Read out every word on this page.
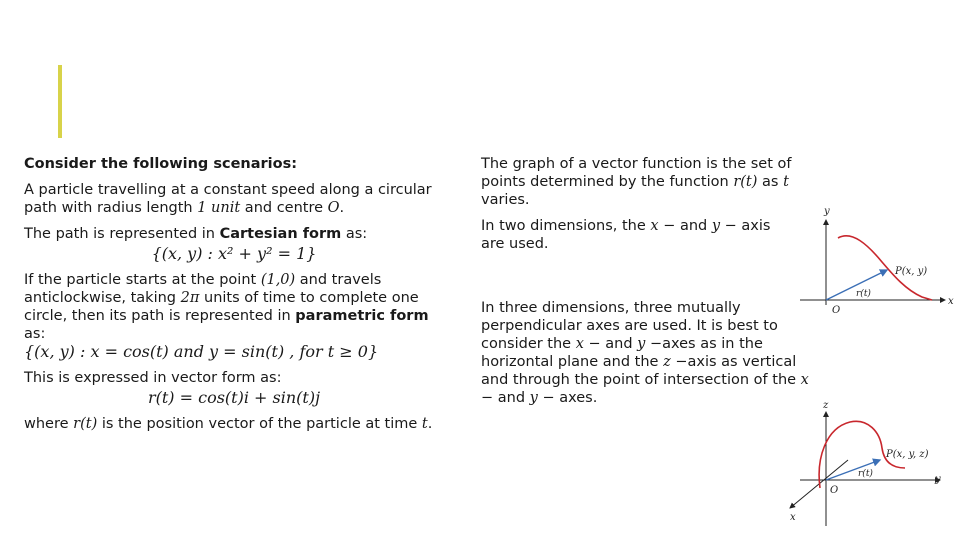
Consider the following scenarios:

A particle travelling at a constant speed along a circular path with radius length 1 unit and centre O.

The path is represented in Cartesian form as:

{(x, y) : x² + y² = 1}

If the particle starts at the point (1,0) and travels anticlockwise, taking 2π units of time to complete one circle, then its path is represented in parametric form as:

{(x, y) : x = cos(t) and y = sin(t) , for t ≥ 0}

This is expressed in vector form as:

r(t) = cos(t)i + sin(t)j

where r(t) is the position vector of the particle at time t.

The graph of a vector function is the set of points determined by the function r(t) as t varies.

In two dimensions, the x − and y − axis are used.

In three dimensions, three mutually perpendicular axes are used. It is best to consider the x − and y −axes as in the horizontal plane and the z −axis as vertical and through the point of intersection of the x − and y − axes.

y
x
O
P(x, y)
r(t)
z
y
x
O
P(x, y, z)
r(t)
